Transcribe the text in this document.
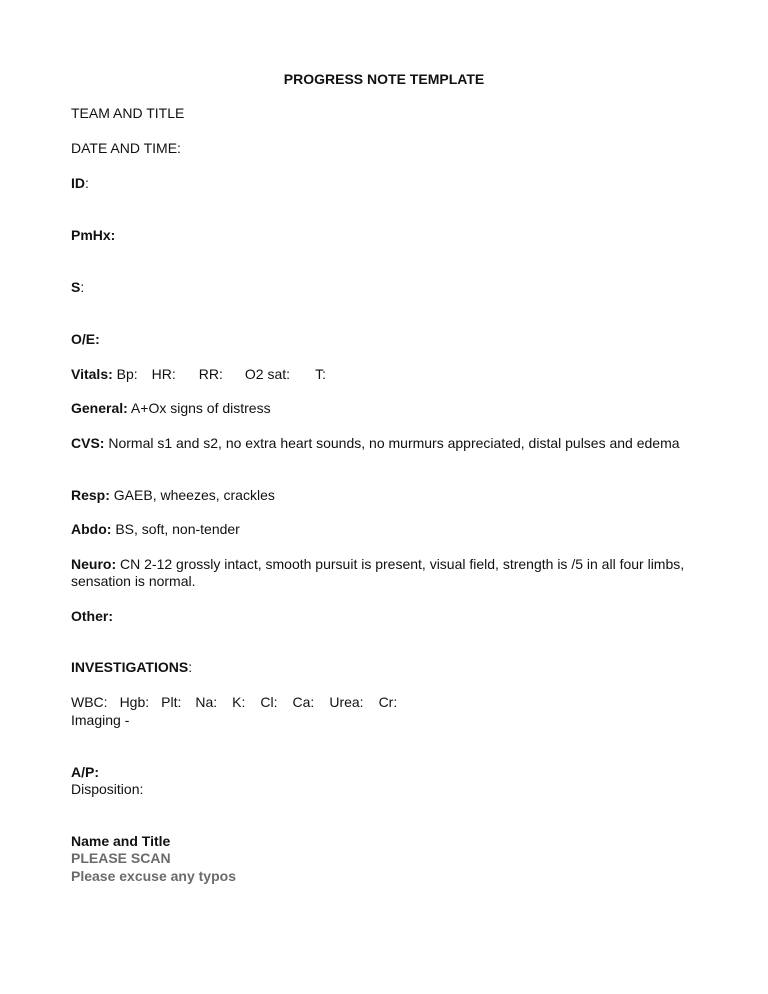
PROGRESS NOTE TEMPLATE
TEAM AND TITLE
DATE AND TIME:
ID:
PmHx:
S:
O/E:
Vitals: Bp: HR: RR: O2 sat: T:
General: A+Ox signs of distress
CVS: Normal s1 and s2, no extra heart sounds, no murmurs appreciated, distal pulses and edema
Resp: GAEB, wheezes, crackles
Abdo: BS, soft, non-tender
Neuro: CN 2-12 grossly intact, smooth pursuit is present, visual field, strength is /5 in all four limbs, sensation is normal.
Other:
INVESTIGATIONS:
WBC: Hgb: Plt: Na: K: Cl: Ca: Urea: Cr:
Imaging -
A/P:
Disposition:
Name and Title
PLEASE SCAN
Please excuse any typos
